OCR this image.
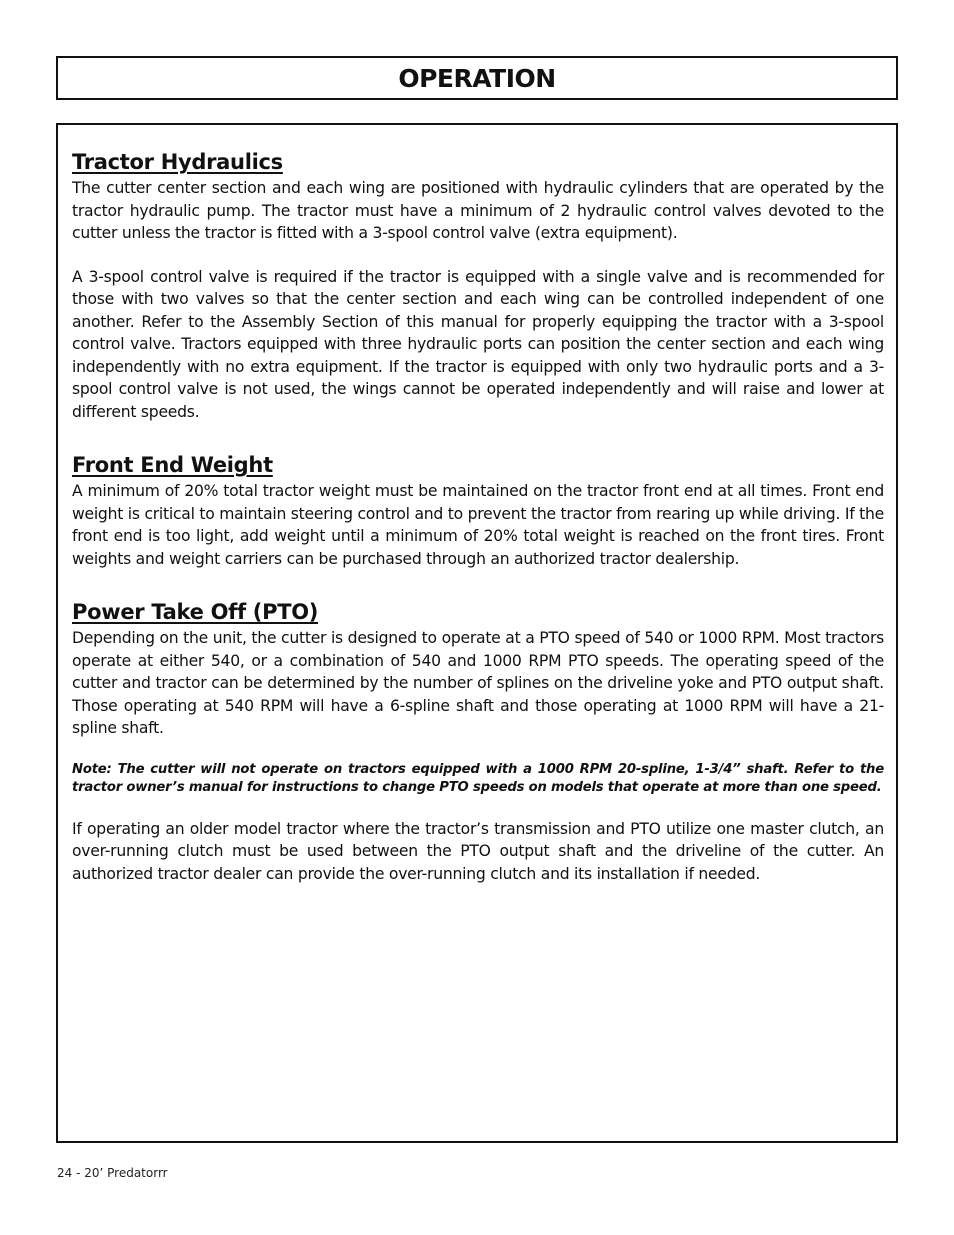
OPERATION
Tractor Hydraulics

The cutter center section and each wing are positioned with hydraulic cylinders that are operated by the tractor hydraulic pump. The tractor must have a minimum of 2 hydraulic control valves devoted to the cutter unless the tractor is fitted with a 3-spool control valve (extra equipment).

A 3-spool control valve is required if the tractor is equipped with a single valve and is recommended for those with two valves so that the center section and each wing can be controlled independent of one another. Refer to the Assembly Section of this manual for properly equipping the tractor with a 3-spool control valve. Tractors equipped with three hydraulic ports can position the center section and each wing independently with no extra equipment. If the tractor is equipped with only two hydraulic ports and a 3-spool control valve is not used, the wings cannot be operated independently and will raise and lower at different speeds.

Front End Weight

A minimum of 20% total tractor weight must be maintained on the tractor front end at all times. Front end weight is critical to maintain steering control and to prevent the tractor from rearing up while driving. If the front end is too light, add weight until a minimum of 20% total weight is reached on the front tires. Front weights and weight carriers can be purchased through an authorized tractor dealership.

Power Take Off (PTO)

Depending on the unit, the cutter is designed to operate at a PTO speed of 540 or 1000 RPM. Most tractors operate at either 540, or a combination of 540 and 1000 RPM PTO speeds. The operating speed of the cutter and tractor can be determined by the number of splines on the driveline yoke and PTO output shaft. Those operating at 540 RPM will have a 6-spline shaft and those operating at 1000 RPM will have a 21-spline shaft.

Note: The cutter will not operate on tractors equipped with a 1000 RPM 20-spline, 1-3/4” shaft. Refer to the tractor owner’s manual for instructions to change PTO speeds on models that operate at more than one speed.

If operating an older model tractor where the tractor’s transmission and PTO utilize one master clutch, an over-running clutch must be used between the PTO output shaft and the driveline of the cutter. An authorized tractor dealer can provide the over-running clutch and its installation if needed.

24 - 20’ Predatorrr
